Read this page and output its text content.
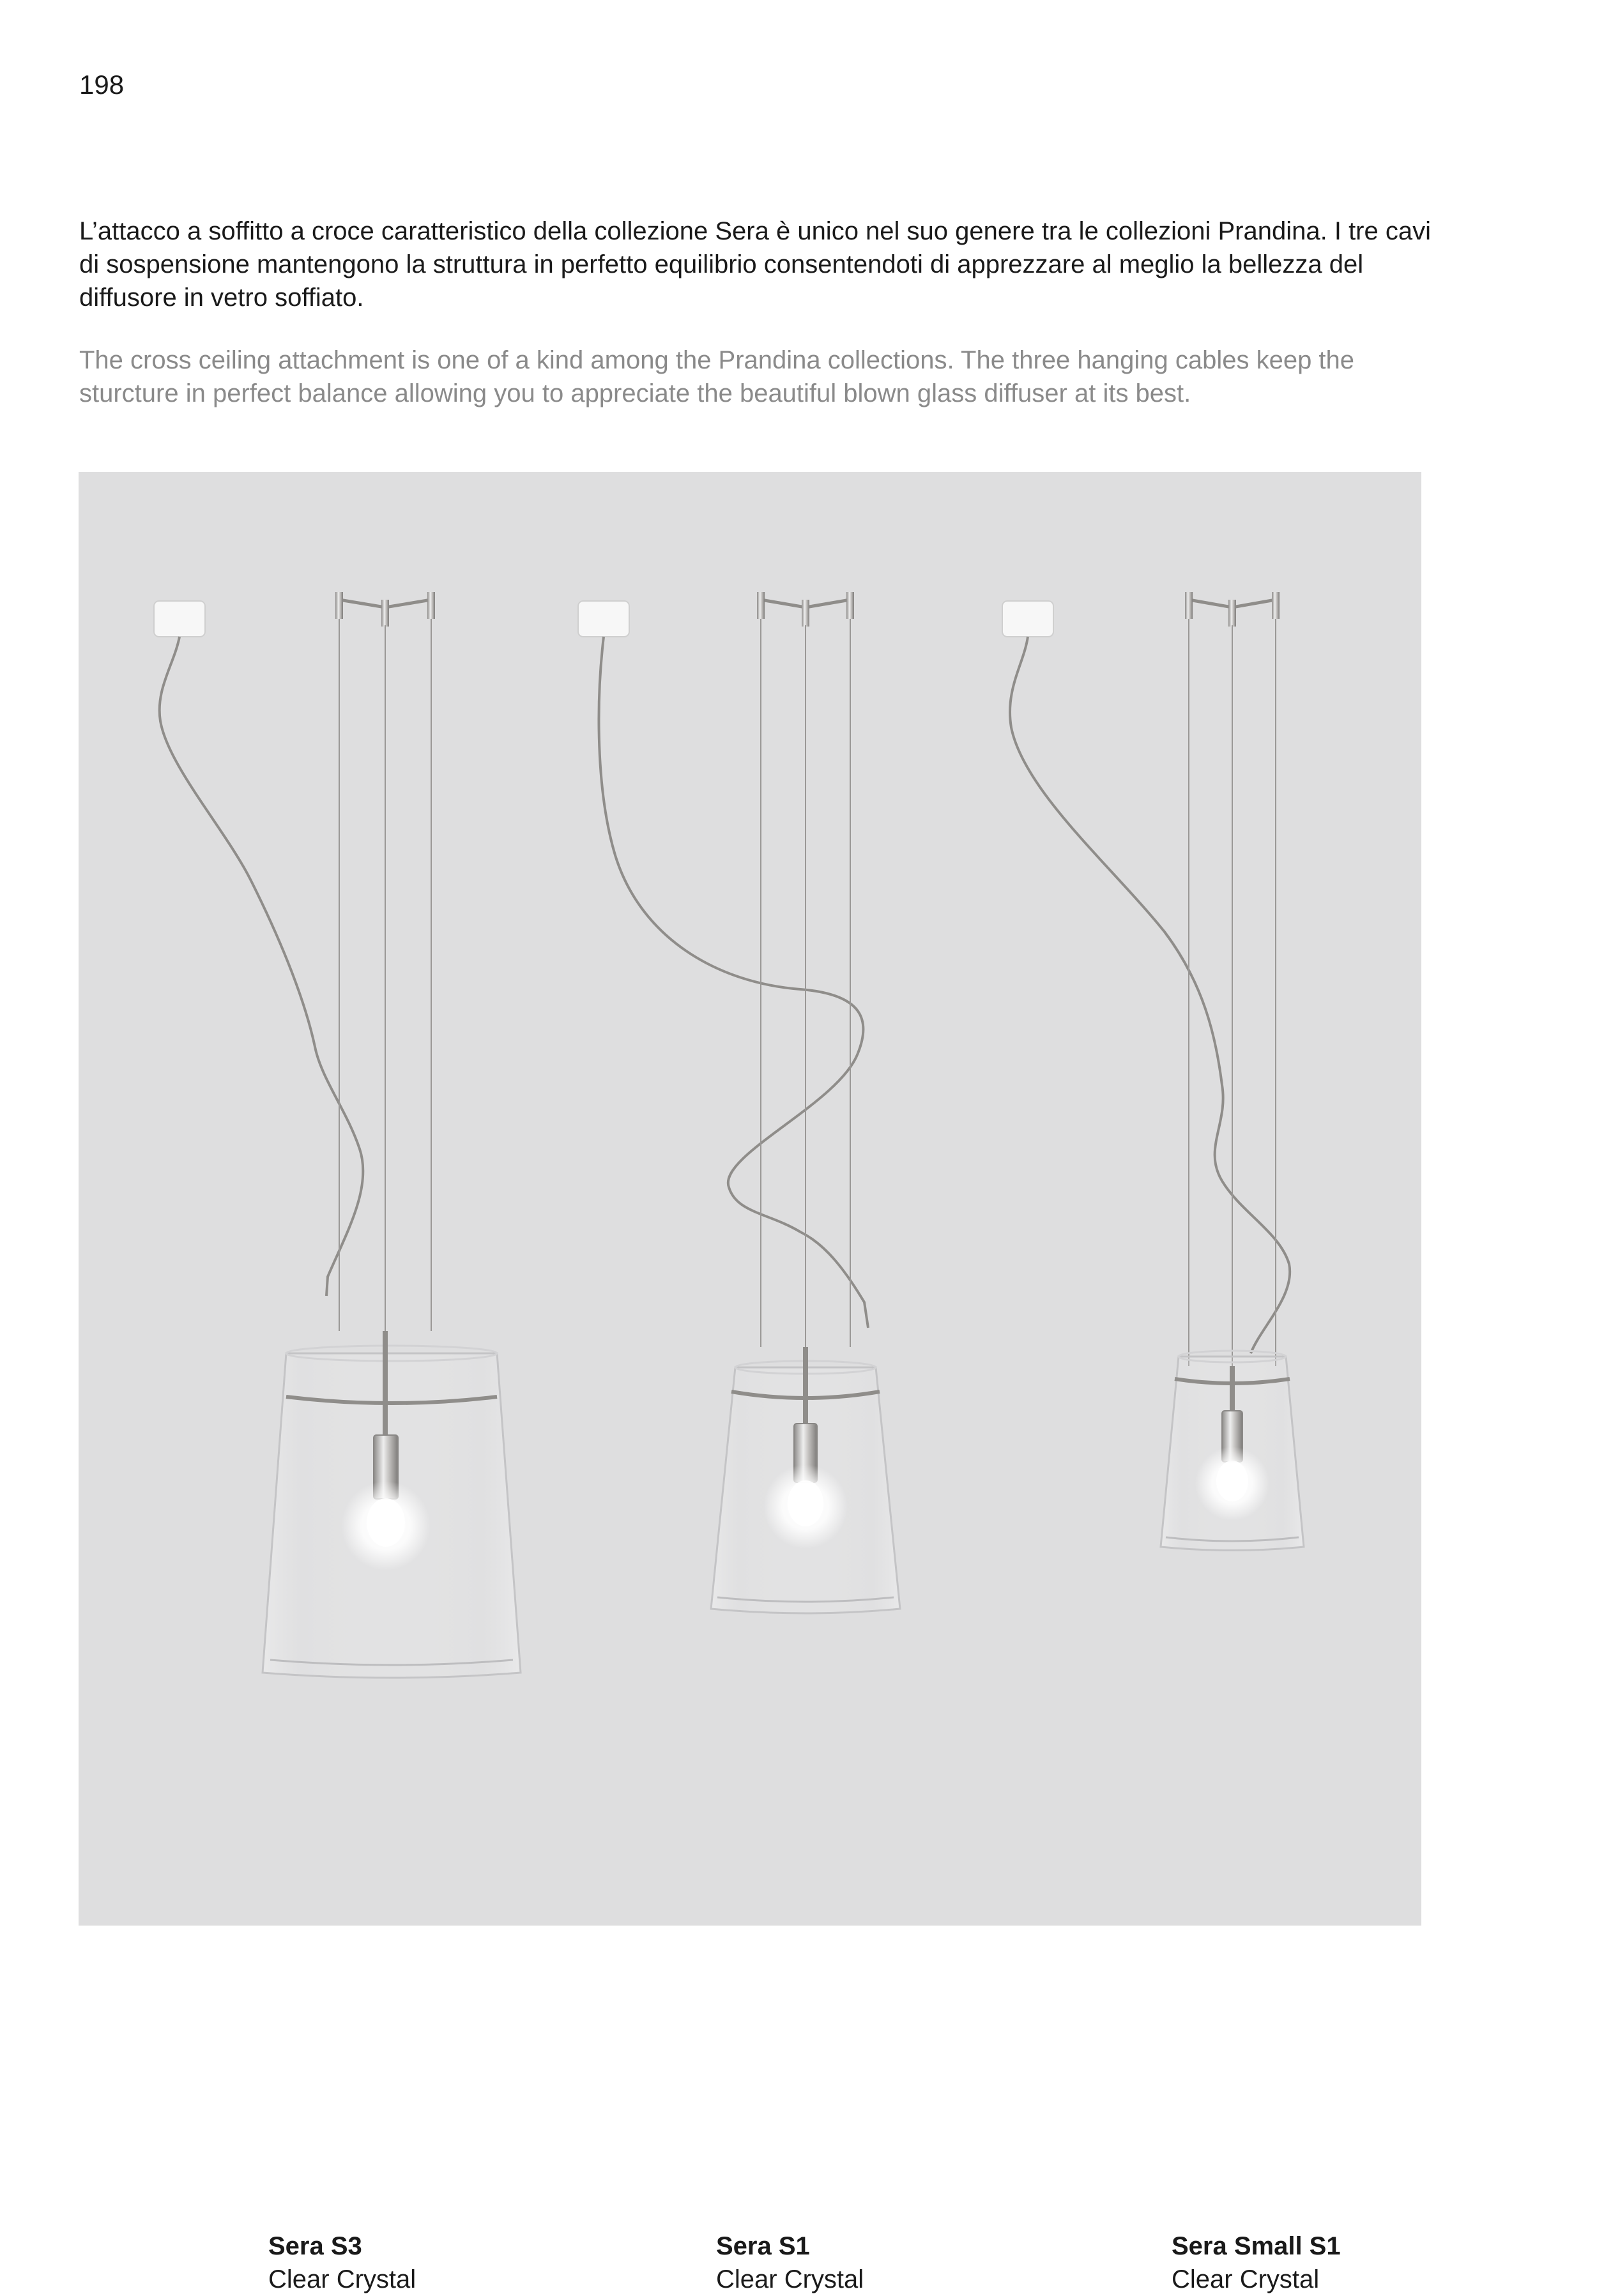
198

L’attacco a soffitto a croce caratteristico della collezione Sera è unico nel suo genere tra le collezioni Prandina. I tre cavi di sospensione mantengono la struttura in perfetto equilibrio consentendoti di apprezzare al meglio la bellezza del diffusore in vetro soffiato.

The cross ceiling attachment is one of a kind among the Prandina collections. The three hanging cables keep the sturcture in perfect balance allowing you to appreciate the beautiful blown glass diffuser at its best.

Sera S3
Clear Crystal
Sera S1
Clear Crystal
Sera Small S1
Clear Crystal
